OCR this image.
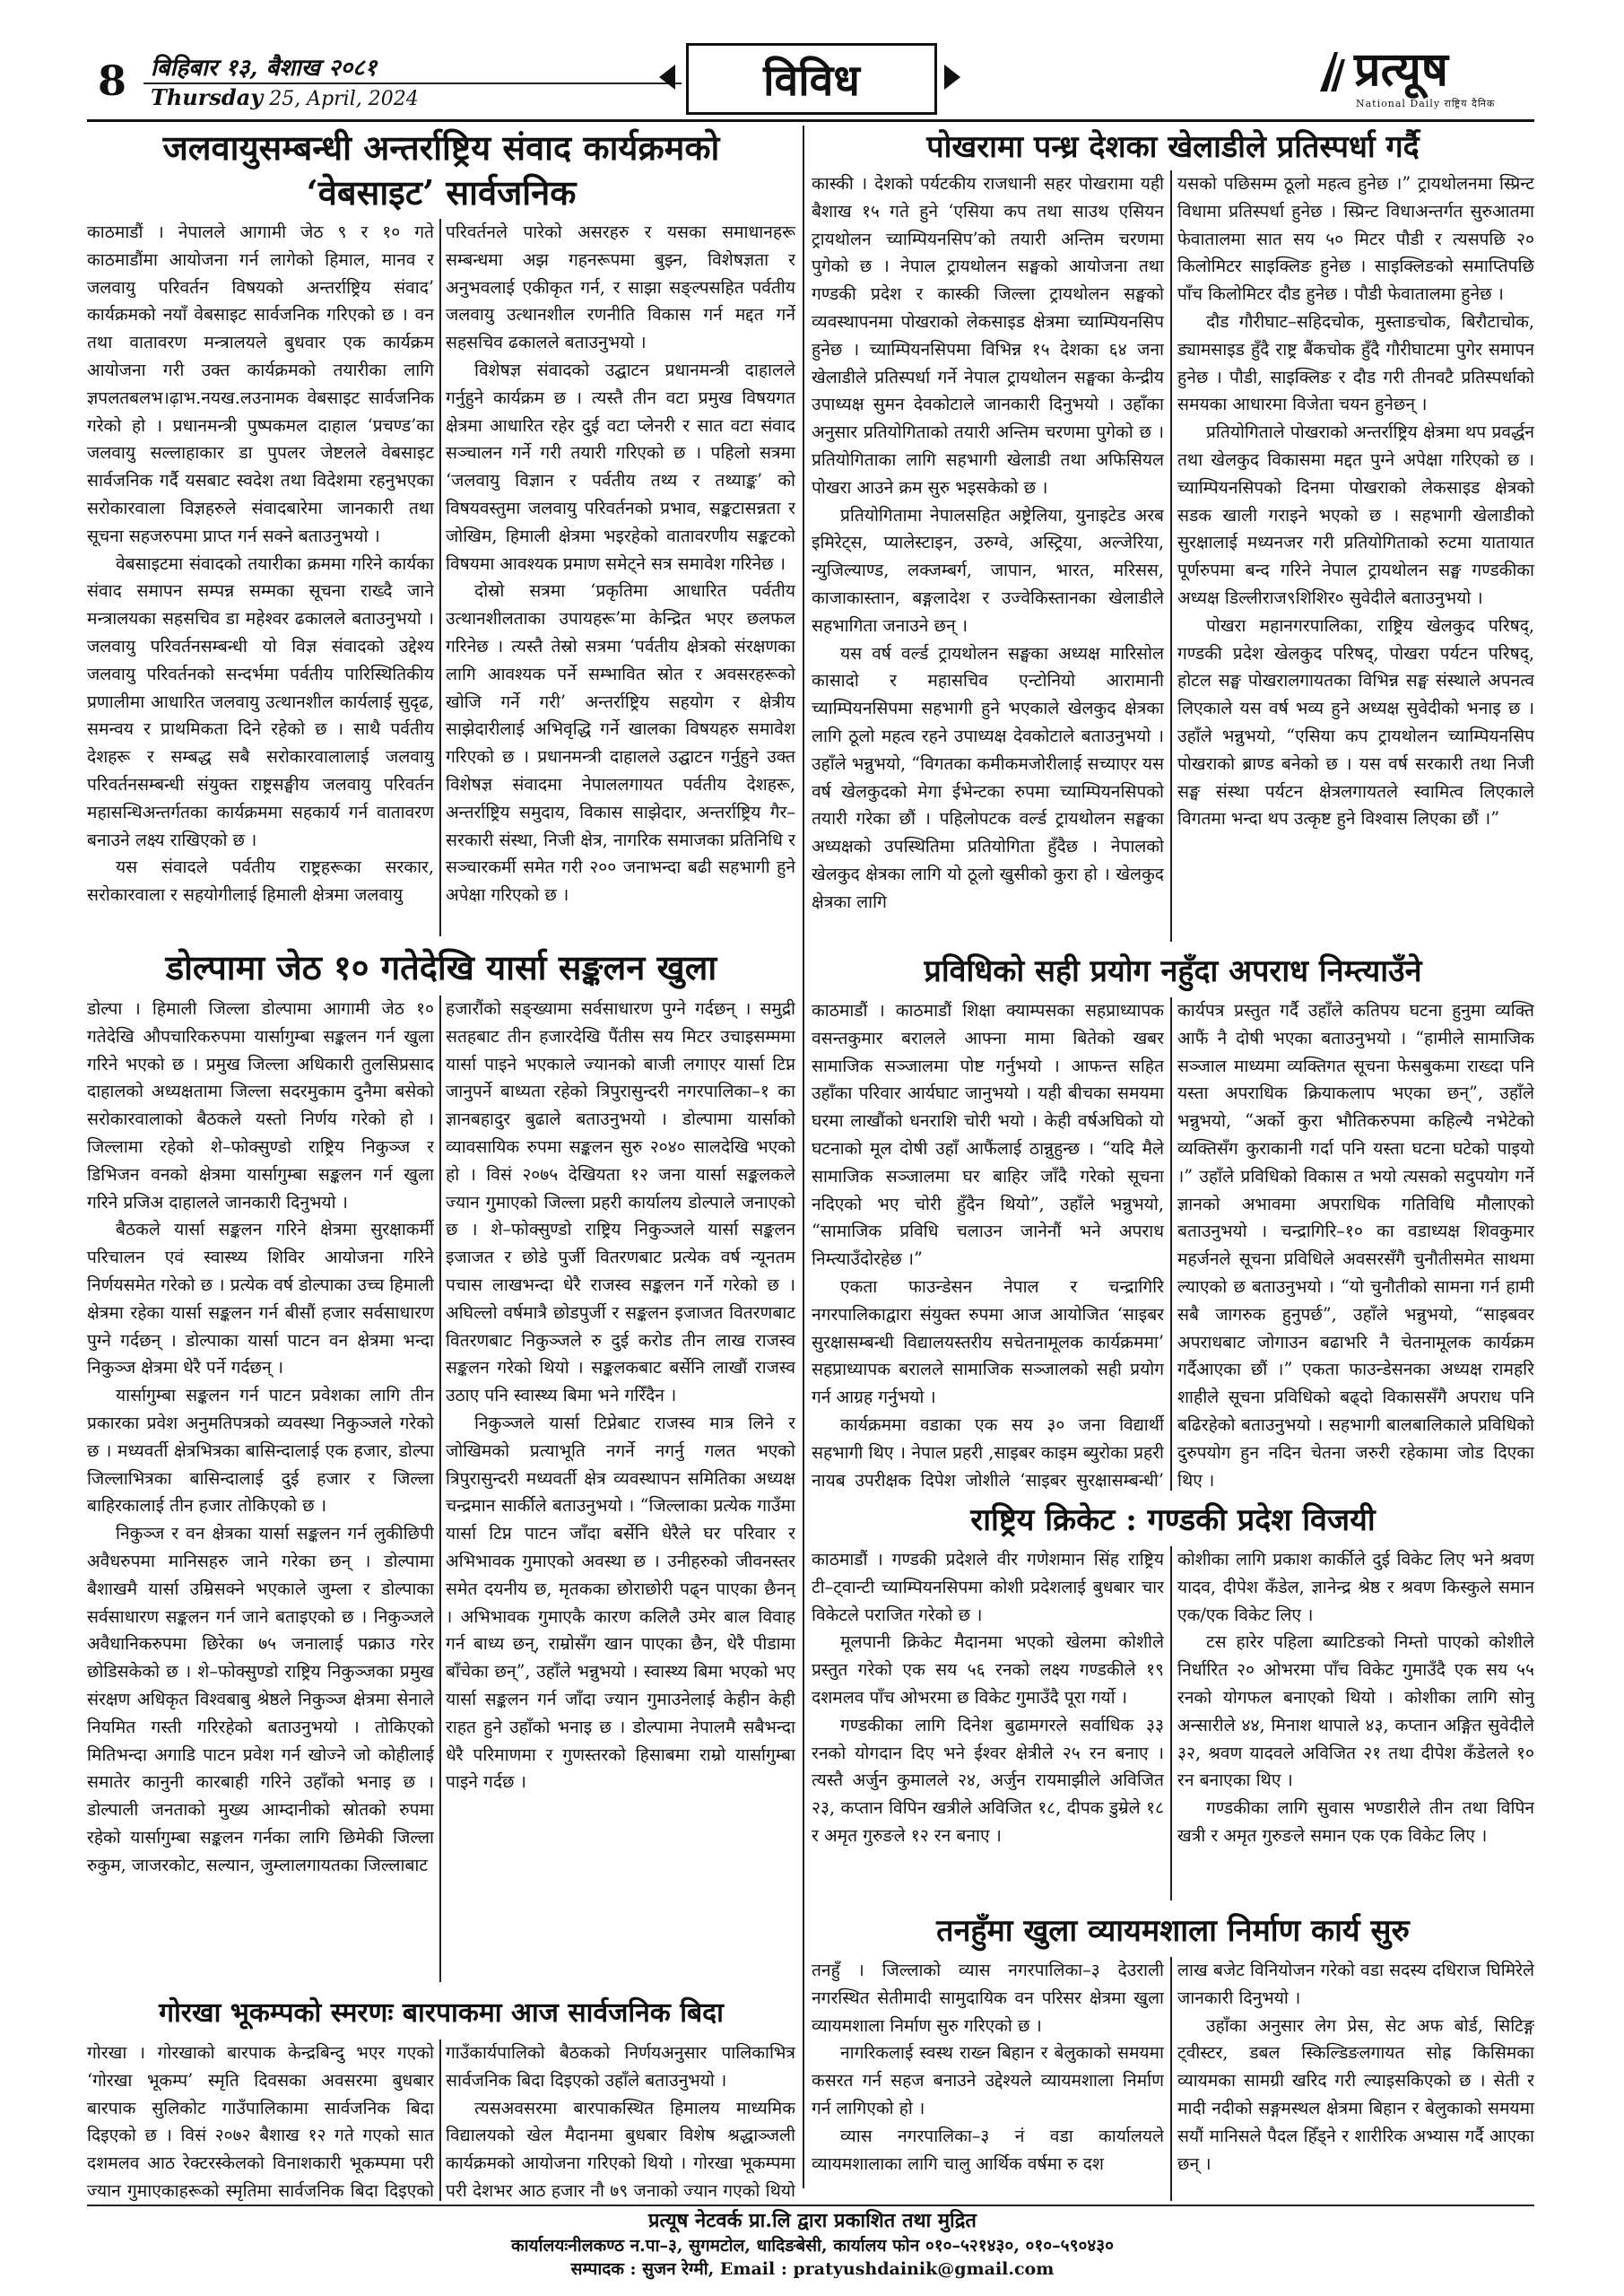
8	बिहिबार १३, बैशाख २०८१
Thursday 25, April, 2024	विविध	प्रत्यूष
National Daily राष्ट्रिय दैनिक
जलवायुसम्बन्धी अन्तर्राष्ट्रिय संवाद कार्यक्रमको
‘वेबसाइट’ सार्वजनिक

काठमाडौं । नेपालले आगामी जेठ ९ र १० गते काठमाडौंमा आयोजना गर्न लागेको हिमाल, मानव र जलवायु परिवर्तन विषयको अन्तर्राष्ट्रिय संवाद’ कार्यक्रमको नयाँ वेबसाइट सार्वजनिक गरिएको छ । वन तथा वातावरण मन्त्रालयले बुधवार एक कार्यक्रम आयोजना गरी उक्त कार्यक्रमको तयारीका लागि ज्ञपलतबलभ।ढ़ाभ.नयख.लउनामक वेबसाइट सार्वजनिक गरेको हो । प्रधानमन्त्री पुष्पकमल दाहाल ‘प्रचण्ड’का जलवायु सल्लाहाकार डा पुपलर जेष्टलले वेबसाइट सार्वजनिक गर्दै यसबाट स्वदेश तथा विदेशमा रहनुभएका सरोकारवाला विज्ञहरुले संवादबारेमा जानकारी तथा सूचना सहजरुपमा प्राप्त गर्न सक्ने बताउनुभयो ।

वेबसाइटमा संवादको तयारीका क्रममा गरिने कार्यका संवाद समापन सम्पन्न सम्मका सूचना राख्दै जाने मन्त्रालयका सहसचिव डा महेश्वर ढकालले बताउनुभयो । जलवायु परिवर्तनसम्बन्धी यो विज्ञ संवादको उद्देश्य जलवायु परिवर्तनको सन्दर्भमा पर्वतीय पारिस्थितिकीय प्रणालीमा आधारित जलवायु उत्थानशील कार्यलाई सुदृढ, समन्वय र प्राथमिकता दिने रहेको छ । साथै पर्वतीय देशहरू र सम्बद्ध सबै सरोकारवालालाई जलवायु परिवर्तनसम्बन्धी संयुक्त राष्ट्रसङ्घीय जलवायु परिवर्तन महासन्धिअन्तर्गतका कार्यक्रममा सहकार्य गर्न वातावरण बनाउने लक्ष्य राखिएको छ ।

यस संवादले पर्वतीय राष्ट्रहरूका सरकार, सरोकारवाला र सहयोगीलाई हिमाली क्षेत्रमा जलवायु

परिवर्तनले पारेको असरहरु र यसका समाधानहरू सम्बन्धमा अझ गहनरूपमा बुझ्न, विशेषज्ञता र अनुभवलाई एकीकृत गर्न, र साझा सङ्ल्पसहित पर्वतीय जलवायु उत्थानशील रणनीति विकास गर्न मद्दत गर्ने सहसचिव ढकालले बताउनुभयो ।

विशेषज्ञ संवादको उद्घाटन प्रधानमन्त्री दाहालले गर्नुहुने कार्यक्रम छ । त्यस्तै तीन वटा प्रमुख विषयगत क्षेत्रमा आधारित रहेर दुई वटा प्लेनरी र सात वटा संवाद सञ्चालन गर्ने गरी तयारी गरिएको छ । पहिलो सत्रमा ‘जलवायु विज्ञान र पर्वतीय तथ्य र तथ्याङ्क’ को विषयवस्तुमा जलवायु परिवर्तनको प्रभाव, सङ्कटासन्नता र जोखिम, हिमाली क्षेत्रमा भइरहेको वातावरणीय सङ्कटको विषयमा आवश्यक प्रमाण समेट्ने सत्र समावेश गरिनेछ ।

दोस्रो सत्रमा ‘प्रकृतिमा आधारित पर्वतीय उत्थानशीलताका उपायहरू’मा केन्द्रित भएर छलफल गरिनेछ । त्यस्तै तेस्रो सत्रमा ‘पर्वतीय क्षेत्रको संरक्षणका लागि आवश्यक पर्ने सम्भावित स्रोत र अवसरहरूको खोजि गर्ने गरी’ अन्तर्राष्ट्रिय सहयोग र क्षेत्रीय साझेदारीलाई अभिवृद्धि गर्ने खालका विषयहरु समावेश गरिएको छ । प्रधानमन्त्री दाहालले उद्घाटन गर्नुहुने उक्त विशेषज्ञ संवादमा नेपाललगायत पर्वतीय देशहरू, अन्तर्राष्ट्रिय समुदाय, विकास साझेदार, अन्तर्राष्ट्रिय गैर–सरकारी संस्था, निजी क्षेत्र, नागरिक समाजका प्रतिनिधि र सञ्चारकर्मी समेत गरी २०० जनाभन्दा बढी सहभागी हुने अपेक्षा गरिएको छ ।

डोल्पामा जेठ १० गतेदेखि यार्सा सङ्कलन खुला

डोल्पा । हिमाली जिल्ला डोल्पामा आगामी जेठ १० गतेदेखि औपचारिकरुपमा यार्सागुम्बा सङ्कलन गर्न खुला गरिने भएको छ । प्रमुख जिल्ला अधिकारी तुलसिप्रसाद दाहालको अध्यक्षतामा जिल्ला सदरमुकाम दुनैमा बसेको सरोकारवालाको बैठकले यस्तो निर्णय गरेको हो । जिल्लामा रहेको शे–फोक्सुण्डो राष्ट्रिय निकुञ्ज र डिभिजन वनको क्षेत्रमा यार्सागुम्बा सङ्कलन गर्न खुला गरिने प्रजिअ दाहालले जानकारी दिनुभयो ।

बैठकले यार्सा सङ्कलन गरिने क्षेत्रमा सुरक्षाकर्मी परिचालन एवं स्वास्थ्य शिविर आयोजना गरिने निर्णयसमेत गरेको छ । प्रत्येक वर्ष डोल्पाका उच्च हिमाली क्षेत्रमा रहेका यार्सा सङ्कलन गर्न बीसौं हजार सर्वसाधारण पुग्ने गर्दछन् । डोल्पाका यार्सा पाटन वन क्षेत्रमा भन्दा निकुञ्ज क्षेत्रमा धेरै पर्ने गर्दछन् ।

यार्सागुम्बा सङ्कलन गर्न पाटन प्रवेशका लागि तीन प्रकारका प्रवेश अनुमतिपत्रको व्यवस्था निकुञ्जले गरेको छ । मध्यवर्ती क्षेत्रभित्रका बासिन्दालाई एक हजार, डोल्पा जिल्लाभित्रका बासिन्दालाई दुई हजार र जिल्ला बाहिरकालाई तीन हजार तोकिएको छ ।

निकुञ्ज र वन क्षेत्रका यार्सा सङ्कलन गर्न लुकीछिपी अवैधरुपमा मानिसहरु जाने गरेका छन् । डोल्पामा बैशाखमै यार्सा उम्रिसक्ने भएकाले जुम्ला र डोल्पाका सर्वसाधारण सङ्कलन गर्न जाने बताइएको छ । निकुञ्जले अवैधानिकरुपमा छिरेका ७५ जनालाई पक्राउ गरेर छोडिसकेको छ । शे–फोक्सुण्डो राष्ट्रिय निकुञ्जका प्रमुख संरक्षण अधिकृत विश्वबाबु श्रेष्ठले निकुञ्ज क्षेत्रमा सेनाले नियमित गस्ती गरिरहेको बताउनुभयो । तोकिएको मितिभन्दा अगाडि पाटन प्रवेश गर्न खोज्ने जो कोहीलाई समातेर कानुनी कारबाही गरिने उहाँको भनाइ छ । डोल्पाली जनताको मुख्य आम्दानीको स्रोतको रुपमा रहेको यार्सागुम्बा सङ्कलन गर्नका लागि छिमेकी जिल्ला रुकुम, जाजरकोट, सल्यान, जुम्लालगायतका जिल्लाबाट

हजारौंको सङ्ख्यामा सर्वसाधारण पुग्ने गर्दछन् । समुद्री सतहबाट तीन हजारदेखि पैंतीस सय मिटर उचाइसम्ममा यार्सा पाइने भएकाले ज्यानको बाजी लगाएर यार्सा टिप्न जानुपर्ने बाध्यता रहेको त्रिपुरासुन्दरी नगरपालिका–१ का ज्ञानबहादुर बुढाले बताउनुभयो । डोल्पामा यार्साको व्यावसायिक रुपमा सङ्कलन सुरु २०४० सालदेखि भएको हो । विसं २०७५ देखियता १२ जना यार्सा सङ्कलकले ज्यान गुमाएको जिल्ला प्रहरी कार्यालय डोल्पाले जनाएको छ । शे–फोक्सुण्डो राष्ट्रिय निकुञ्जले यार्सा सङ्कलन इजाजत र छोडे पुर्जी वितरणबाट प्रत्येक वर्ष न्यूनतम पचास लाखभन्दा धेरै राजस्व सङ्कलन गर्ने गरेको छ । अघिल्लो वर्षमात्रै छोडपुर्जी र सङ्कलन इजाजत वितरणबाट वितरणबाट निकुञ्जले रु दुई करोड तीन लाख राजस्व सङ्कलन गरेको थियो । सङ्कलकबाट बर्सेनि लाखौं राजस्व उठाए पनि स्वास्थ्य बिमा भने गरिँदैन ।

निकुञ्जले यार्सा टिप्नेबाट राजस्व मात्र लिने र जोखिमको प्रत्याभूति नगर्ने नगर्नु गलत भएको त्रिपुरासुन्दरी मध्यवर्ती क्षेत्र व्यवस्थापन समितिका अध्यक्ष चन्द्रमान सार्कीले बताउनुभयो । “जिल्लाका प्रत्येक गाउँमा यार्सा टिप्न पाटन जाँदा बर्सेनि धेरैले घर परिवार र अभिभावक गुमाएको अवस्था छ । उनीहरुको जीवनस्तर समेत दयनीय छ, मृतकका छोराछोरी पढ्न पाएका छैनन् । अभिभावक गुमाएकै कारण कलिलै उमेर बाल विवाह गर्न बाध्य छन्, राम्रोसँग खान पाएका छैन, धेरै पीडामा बाँचेका छन्”, उहाँले भन्नुभयो । स्वास्थ्य बिमा भएको भए यार्सा सङ्कलन गर्न जाँदा ज्यान गुमाउनेलाई केहीन केही राहत हुने उहाँको भनाइ छ । डोल्पामा नेपालमै सबैभन्दा धेरै परिमाणमा र गुणस्तरको हिसाबमा राम्रो यार्सागुम्बा पाइने गर्दछ ।

गोरखा भूकम्पको स्मरणः बारपाकमा आज सार्वजनिक बिदा

गोरखा । गोरखाको बारपाक केन्द्रबिन्दु भएर गएको ‘गोरखा भूकम्प’ स्मृति दिवसका अवसरमा बुधबार बारपाक सुलिकोट गाउँपालिकामा सार्वजनिक बिदा दिइएको छ । विसं २०७२ बैशाख १२ गते गएको सात दशमलव आठ रेक्टरस्केलको विनाशकारी भूकम्पमा परी ज्यान गुमाएकाहरूको स्मृतिमा सार्वजनिक बिदा दिइएको

गाउँकार्यपालिको बैठकको निर्णयअनुसार पालिकाभित्र सार्वजनिक बिदा दिइएको उहाँले बताउनुभयो ।

त्यसअवसरमा बारपाकस्थित हिमालय माध्यमिक विद्यालयको खेल मैदानमा बुधबार विशेष श्रद्धाञ्जली कार्यक्रमको आयोजना गरिएको थियो । गोरखा भूकम्पमा परी देशभर आठ हजार नौ ७९ जनाको ज्यान गएको थियो

पोखरामा पन्ध्र देशका खेलाडीले प्रतिस्पर्धा गर्दै

कास्की । देशको पर्यटकीय राजधानी सहर पोखरामा यही बैशाख १५ गते हुने ‘एसिया कप तथा साउथ एसियन ट्रायथोलन च्याम्पियनसिप’को तयारी अन्तिम चरणमा पुगेको छ । नेपाल ट्रायथोलन सङ्घको आयोजना तथा गण्डकी प्रदेश र कास्की जिल्ला ट्रायथोलन सङ्घको व्यवस्थापनमा पोखराको लेकसाइड क्षेत्रमा च्याम्पियनसिप हुनेछ । च्याम्पियनसिपमा विभिन्न १५ देशका ६४ जना खेलाडीले प्रतिस्पर्धा गर्ने नेपाल ट्रायथोलन सङ्घका केन्द्रीय उपाध्यक्ष सुमन देवकोटाले जानकारी दिनुभयो । उहाँका अनुसार प्रतियोगिताको तयारी अन्तिम चरणमा पुगेको छ । प्रतियोगिताका लागि सहभागी खेलाडी तथा अफिसियल पोखरा आउने क्रम सुरु भइसकेको छ ।

प्रतियोगितामा नेपालसहित अष्ट्रेलिया, युनाइटेड अरब इमिरेट्स, प्यालेस्टाइन, उरुग्वे, अस्ट्रिया, अल्जेरिया, न्युजिल्याण्ड, लक्जम्बर्ग, जापान, भारत, मरिसस, काजाकास्तान, बङ्गलादेश र उज्वेकिस्तानका खेलाडीले सहभागिता जनाउने छन् ।

यस वर्ष वर्ल्ड ट्रायथोलन सङ्घका अध्यक्ष मारिसोल कासादो र महासचिव एन्टोनियो आरामानी च्याम्पियनसिपमा सहभागी हुने भएकाले खेलकुद क्षेत्रका लागि ठूलो महत्व रहने उपाध्यक्ष देवकोटाले बताउनुभयो । उहाँले भन्नुभयो, “विगतका कमीकमजोरीलाई सच्याएर यस वर्ष खेलकुदको मेगा ईभेन्टका रुपमा च्याम्पियनसिपको तयारी गरेका छौं । पहिलोपटक वर्ल्ड ट्रायथोलन सङ्घका अध्यक्षको उपस्थितिमा प्रतियोगिता हुँदैछ । नेपालको खेलकुद क्षेत्रका लागि यो ठूलो खुसीको कुरा हो । खेलकुद क्षेत्रका लागि

यसको पछिसम्म ठूलो महत्व हुनेछ ।” ट्रायथोलनमा स्प्रिन्ट विधामा प्रतिस्पर्धा हुनेछ । स्प्रिन्ट विधाअन्तर्गत सुरुआतमा फेवातालमा सात सय ५० मिटर पौडी र त्यसपछि २० किलोमिटर साइक्लिङ हुनेछ । साइक्लिङको समाप्तिपछि पाँच किलोमिटर दौड हुनेछ । पौडी फेवातालमा हुनेछ ।

दौड गौरीघाट–सहिदचोक, मुस्ताङचोक, बिरौटाचोक, ड्यामसाइड हुँदै राष्ट्र बैंकचोक हुँदै गौरीघाटमा पुगेर समापन हुनेछ । पौडी, साइक्लिङ र दौड गरी तीनवटै प्रतिस्पर्धाको समयका आधारमा विजेता चयन हुनेछन् ।

प्रतियोगिताले पोखराको अन्तर्राष्ट्रिय क्षेत्रमा थप प्रवर्द्धन तथा खेलकुद विकासमा मद्दत पुग्ने अपेक्षा गरिएको छ । च्याम्पियनसिपको दिनमा पोखराको लेकसाइड क्षेत्रको सडक खाली गराइने भएको छ । सहभागी खेलाडीको सुरक्षालाई मध्यनजर गरी प्रतियोगिताको रुटमा यातायात पूर्णरुपमा बन्द गरिने नेपाल ट्रायथोलन सङ्घ गण्डकीका अध्यक्ष डिल्लीराज९शिशिर० सुवेदीले बताउनुभयो ।

पोखरा महानगरपालिका, राष्ट्रिय खेलकुद परिषद्, गण्डकी प्रदेश खेलकुद परिषद्, पोखरा पर्यटन परिषद्, होटल सङ्घ पोखरालगायतका विभिन्न सङ्घ संस्थाले अपनत्व लिएकाले यस वर्ष भव्य हुने अध्यक्ष सुवेदीको भनाइ छ । उहाँले भन्नुभयो, “एसिया कप ट्रायथोलन च्याम्पियनसिप पोखराको ब्राण्ड बनेको छ । यस वर्ष सरकारी तथा निजी सङ्घ संस्था पर्यटन क्षेत्रलगायतले स्वामित्व लिएकाले विगतमा भन्दा थप उत्कृष्ट हुने विश्वास लिएका छौं ।”

प्रविधिको सही प्रयोग नहुँदा अपराध निम्त्याउँने

काठमाडौं । काठमाडौं शिक्षा क्याम्पसका सहप्राध्यापक वसन्तकुमार बरालले आफ्ना मामा बितेको खबर सामाजिक सञ्जालमा पोष्ट गर्नुभयो । आफन्त सहित उहाँका परिवार आर्यघाट जानुभयो । यही बीचका समयमा घरमा लाखौंको धनराशि चोरी भयो । केही वर्षअघिको यो घटनाको मूल दोषी उहाँ आफैंलाई ठान्नुहुन्छ । “यदि मैले सामाजिक सञ्जालमा घर बाहिर जाँदै गरेको सूचना नदिएको भए चोरी हुँदैन थियो”, उहाँले भन्नुभयो, “सामाजिक प्रविधि चलाउन जानेनौं भने अपराध निम्त्याउँदोरहेछ ।”

एकता फाउन्डेसन नेपाल र चन्द्रागिरि नगरपालिकाद्वारा संयुक्त रुपमा आज आयोजित ‘साइबर सुरक्षासम्बन्धी विद्यालयस्तरीय सचेतनामूलक कार्यक्रममा’ सहप्राध्यापक बरालले सामाजिक सञ्जालको सही प्रयोग गर्न आग्रह गर्नुभयो ।

कार्यक्रममा वडाका एक सय ३० जना विद्यार्थी सहभागी थिए । नेपाल प्रहरी ,साइबर काइम ब्युरोका प्रहरी नायब उपरीक्षक दिपेश जोशीले ‘साइबर सुरक्षासम्बन्धी’

कार्यपत्र प्रस्तुत गर्दै उहाँले कतिपय घटना हुनुमा व्यक्ति आफैं नै दोषी भएका बताउनुभयो । “हामीले सामाजिक सञ्जाल माध्यमा व्यक्तिगत सूचना फेसबुकमा राख्दा पनि यस्ता अपराधिक क्रियाकलाप भएका छन्”, उहाँले भन्नुभयो, “अर्को कुरा भौतिकरुपमा कहिल्यै नभेटेको व्यक्तिसँग कुराकानी गर्दा पनि यस्ता घटना घटेको पाइयो ।” उहाँले प्रविधिको विकास त भयो त्यसको सदुपयोग गर्ने ज्ञानको अभावमा अपराधिक गतिविधि मौलाएको बताउनुभयो । चन्द्रागिरि–१० का वडाध्यक्ष शिवकुमार महर्जनले सूचना प्रविधिले अवसरसँगै चुनौतीसमेत साथमा ल्याएको छ बताउनुभयो । “यो चुनौतीको सामना गर्न हामी सबै जागरुक हुनुपर्छ”, उहाँले भन्नुभयो, “साइबवर अपराधबाट जोगाउन बढाभरि नै चेतनामूलक कार्यक्रम गर्दैआएका छौं ।” एकता फाउन्डेसनका अध्यक्ष रामहरि शाहीले सूचना प्रविधिको बढ्दो विकाससँगै अपराध पनि बढिरहेको बताउनुभयो । सहभागी बालबालिकाले प्रविधिको दुरुपयोग हुन नदिन चेतना जरुरी रहेकामा जोड दिएका थिए ।

राष्ट्रिय क्रिकेट : गण्डकी प्रदेश विजयी

काठमाडौं । गण्डकी प्रदेशले वीर गणेशमान सिंह राष्ट्रिय टी–ट्वान्टी च्याम्पियनसिपमा कोशी प्रदेशलाई बुधबार चार विकेटले पराजित गरेको छ ।

मूलपानी क्रिकेट मैदानमा भएको खेलमा कोशीले प्रस्तुत गरेको एक सय ५६ रनको लक्ष्य गण्डकीले १९ दशमलव पाँच ओभरमा छ विकेट गुमाउँदै पूरा गर्यो ।

गण्डकीका लागि दिनेश बुढामगरले सर्वाधिक ३३ रनको योगदान दिए भने ईश्वर क्षेत्रीले २५ रन बनाए । त्यस्तै अर्जुन कुमालले २४, अर्जुन रायमाझीले अविजित २३, कप्तान विपिन खत्रीले अविजित १८, दीपक डुम्रेले १८ र अमृत गुरुङले १२ रन बनाए ।

कोशीका लागि प्रकाश कार्कीले दुई विकेट लिए भने श्रवण यादव, दीपेश कँडेल, ज्ञानेन्द्र श्रेष्ठ र श्रवण किस्कुले समान एक/एक विकेट लिए ।

टस हारेर पहिला ब्याटिङको निम्तो पाएको कोशीले निर्धारित २० ओभरमा पाँच विकेट गुमाउँदै एक सय ५५ रनको योगफल बनाएको थियो । कोशीका लागि सोनु अन्सारीले ४४, मिनाश थापाले ४३, कप्तान अङ्गित सुवेदीले ३२, श्रवण यादवले अविजित २१ तथा दीपेश कँडेलले १० रन बनाएका थिए ।

गण्डकीका लागि सुवास भण्डारीले तीन तथा विपिन खत्री र अमृत गुरुङले समान एक एक विकेट लिए ।

तनहुँमा खुला व्यायमशाला निर्माण कार्य सुरु

तनहुँ । जिल्लाको व्यास नगरपालिका–३ देउराली नगरस्थित सेतीमादी सामुदायिक वन परिसर क्षेत्रमा खुला व्यायमशाला निर्माण सुरु गरिएको छ ।

नागरिकलाई स्वस्थ राख्न बिहान र बेलुकाको समयमा कसरत गर्न सहज बनाउने उद्देश्यले व्यायमशाला निर्माण गर्न लागिएको हो ।

व्यास नगरपालिका–३ नं वडा कार्यालयले व्यायमशालाका लागि चालु आर्थिक वर्षमा रु दश

लाख बजेट विनियोजन गरेको वडा सदस्य दधिराज घिमिरेले जानकारी दिनुभयो ।

उहाँका अनुसार लेग प्रेस, सेट अफ बोर्ड, सिटिङ्ग ट्वीस्टर, डबल स्किल्डिङलगायत सोह्र किसिमका व्यायमका सामग्री खरिद गरी ल्याइसकिएको छ । सेती र मादी नदीको सङ्गमस्थल क्षेत्रमा बिहान र बेलुकाको समयमा सयौं मानिसले पैदल हिँड्ने र शारीरिक अभ्यास गर्दै आएका छन् ।

प्रत्यूष नेटवर्क प्रा.लि द्वारा प्रकाशित तथा मुद्रित
कार्यालयःनीलकण्ठ न.पा–३, सुगमटोल, धादिङबेसी, कार्यालय फोन ०१०–५२१४३०, ०१०–५९०४३०
सम्पादक : सुजन रेग्मी, Email : pratyushdainik@gmail.com
